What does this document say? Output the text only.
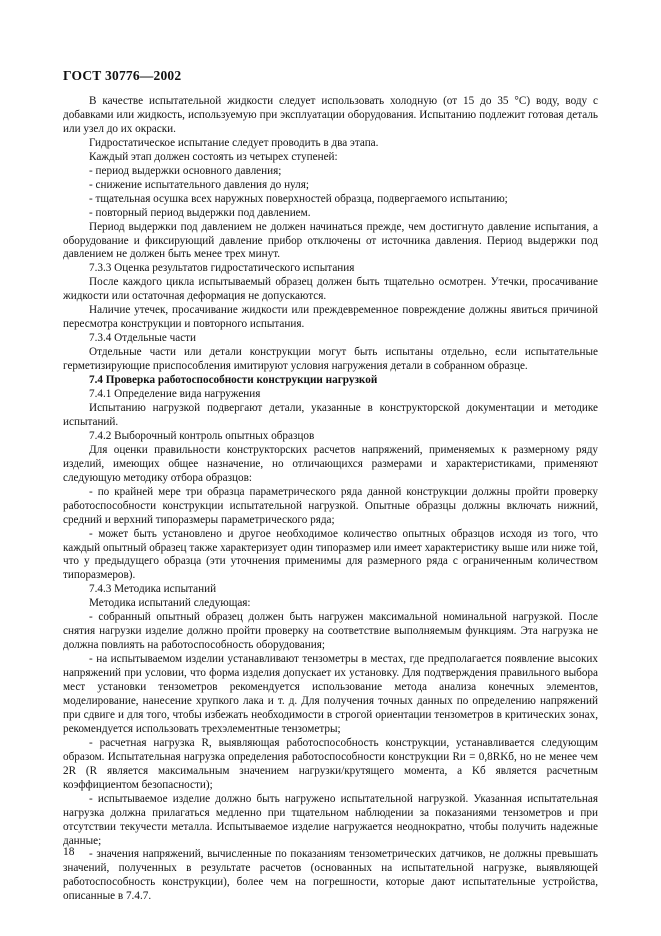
ГОСТ 30776—2002

В качестве испытательной жидкости следует использовать холодную (от 15 до 35 °С) воду, воду с добавками или жидкость, используемую при эксплуатации оборудования. Испытанию подлежит готовая деталь или узел до их окраски.

Гидростатическое испытание следует проводить в два этапа.

Каждый этап должен состоять из четырех ступеней:

- период выдержки основного давления;

- снижение испытательного давления до нуля;

- тщательная осушка всех наружных поверхностей образца, подвергаемого испытанию;

- повторный период выдержки под давлением.

Период выдержки под давлением не должен начинаться прежде, чем достигнуто давление испытания, а оборудование и фиксирующий давление прибор отключены от источника давления. Период выдержки под давлением не должен быть менее трех минут.

7.3.3 Оценка результатов гидростатического испытания

После каждого цикла испытываемый образец должен быть тщательно осмотрен. Утечки, просачивание жидкости или остаточная деформация не допускаются.

Наличие утечек, просачивание жидкости или преждевременное повреждение должны явиться причиной пересмотра конструкции и повторного испытания.

7.3.4 Отдельные части

Отдельные части или детали конструкции могут быть испытаны отдельно, если испытательные герметизирующие приспособления имитируют условия нагружения детали в собранном образце.

7.4 Проверка работоспособности конструкции нагрузкой

7.4.1 Определение вида нагружения

Испытанию нагрузкой подвергают детали, указанные в конструкторской документации и методике испытаний.

7.4.2 Выборочный контроль опытных образцов

Для оценки правильности конструкторских расчетов напряжений, применяемых к размерному ряду изделий, имеющих общее назначение, но отличающихся размерами и характеристиками, применяют следующую методику отбора образцов:

- по крайней мере три образца параметрического ряда данной конструкции должны пройти проверку работоспособности конструкции испытательной нагрузкой. Опытные образцы должны включать нижний, средний и верхний типоразмеры параметрического ряда;

- может быть установлено и другое необходимое количество опытных образцов исходя из того, что каждый опытный образец также характеризует один типоразмер или имеет характеристику выше или ниже той, что у предыдущего образца (эти уточнения применимы для размерного ряда с ограниченным количеством типоразмеров).

7.4.3 Методика испытаний

Методика испытаний следующая:

- собранный опытный образец должен быть нагружен максимальной номинальной нагрузкой. После снятия нагрузки изделие должно пройти проверку на соответствие выполняемым функциям. Эта нагрузка не должна повлиять на работоспособность оборудования;

- на испытываемом изделии устанавливают тензометры в местах, где предполагается появление высоких напряжений при условии, что форма изделия допускает их установку. Для подтверждения правильного выбора мест установки тензометров рекомендуется использование метода анализа конечных элементов, моделирование, нанесение хрупкого лака и т. д. Для получения точных данных по определению напряжений при сдвиге и для того, чтобы избежать необходимости в строгой ориентации тензометров в критических зонах, рекомендуется использовать трехэлементные тензометры;

- расчетная нагрузка R, выявляющая работоспособность конструкции, устанавливается следующим образом. Испытательная нагрузка определения работоспособности конструкции Rи = 0,8RKб, но не менее чем 2R (R является максимальным значением нагрузки/крутящего момента, а Kб является расчетным коэффициентом безопасности);

- испытываемое изделие должно быть нагружено испытательной нагрузкой. Указанная испытательная нагрузка должна прилагаться медленно при тщательном наблюдении за показаниями тензометров и при отсутствии текучести металла. Испытываемое изделие нагружается неоднократно, чтобы получить надежные данные;

- значения напряжений, вычисленные по показаниям тензометрических датчиков, не должны превышать значений, полученных в результате расчетов (основанных на испытательной нагрузке, выявляющей работоспособность конструкции), более чем на погрешности, которые дают испытательные устройства, описанные в 7.4.7.

18
